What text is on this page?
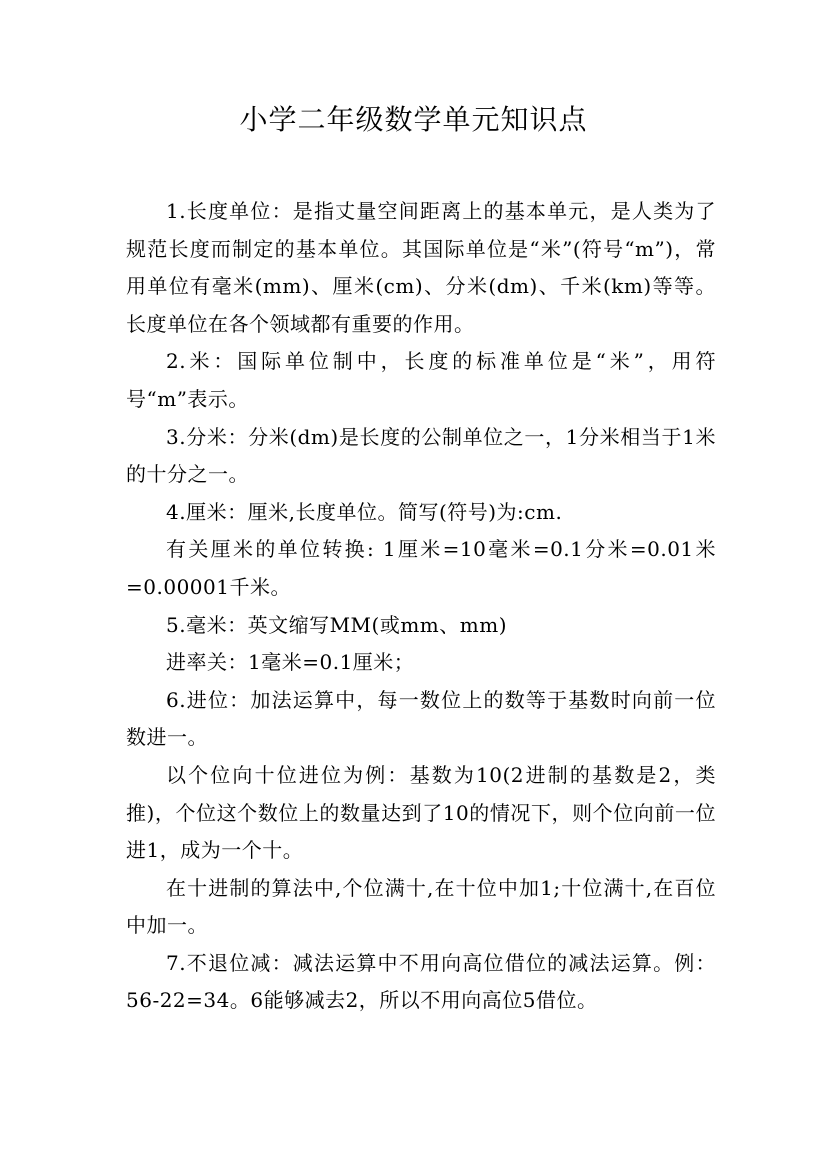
小学二年级数学单元知识点

1.长度单位：是指丈量空间距离上的基本单元，是人类为了规范长度而制定的基本单位。其国际单位是“米”(符号“m”)，常用单位有毫米(mm)、厘米(cm)、分米(dm)、千米(km)等等。长度单位在各个领域都有重要的作用。

2.米：国际单位制中，长度的标准单位是“米”，用符号“m”表示。

3.分米：分米(dm)是长度的公制单位之一，1分米相当于1米的十分之一。

4.厘米：厘米,长度单位。简写(符号)为:cm.

有关厘米的单位转换: 1厘米=10毫米=0.1分米=0.01米=0.00001千米。

5.毫米：英文缩写MM(或mm、mm)

进率关：1毫米=0.1厘米；

6.进位：加法运算中，每一数位上的数等于基数时向前一位数进一。

以个位向十位进位为例：基数为10(2进制的基数是2，类推)，个位这个数位上的数量达到了10的情况下，则个位向前一位进1，成为一个十。

在十进制的算法中,个位满十,在十位中加1;十位满十,在百位中加一。

7.不退位减：减法运算中不用向高位借位的减法运算。例：56-22=34。6能够减去2，所以不用向高位5借位。
